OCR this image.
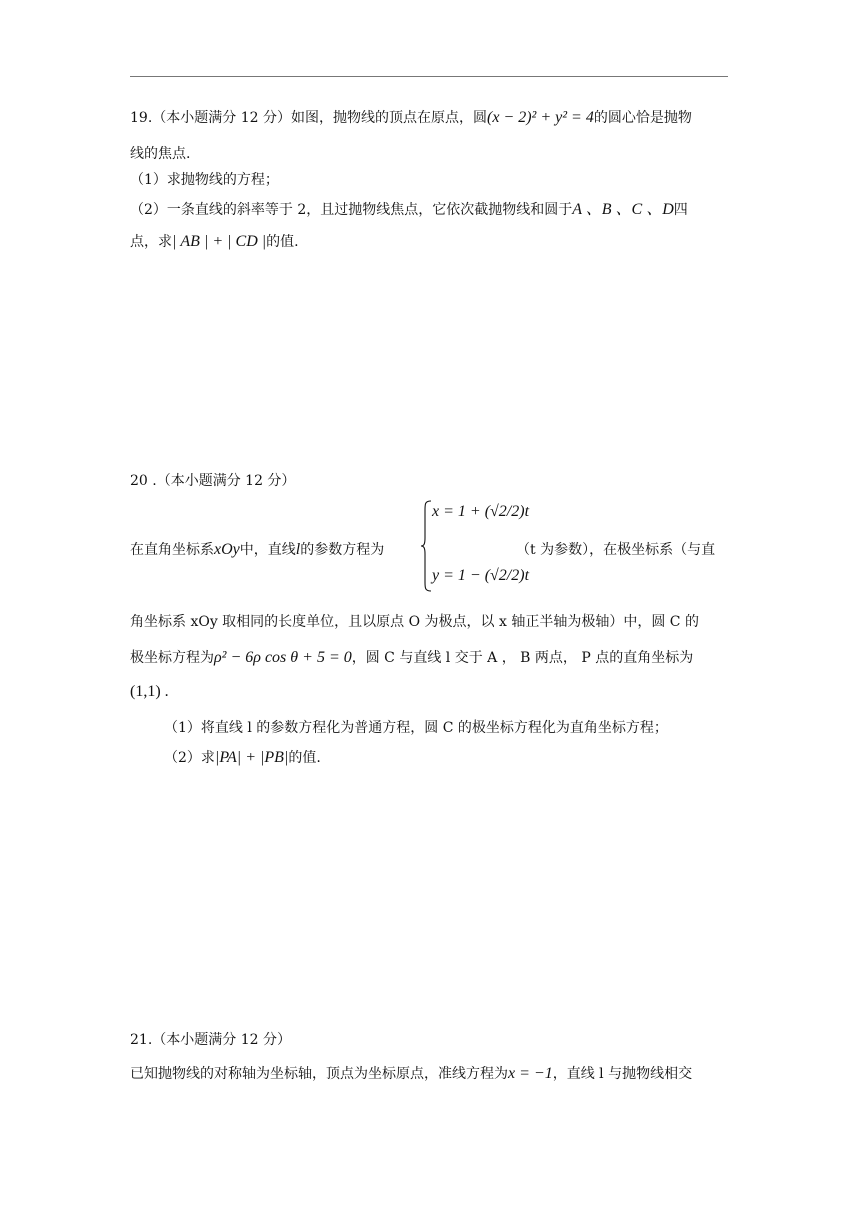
19.（本小题满分 12 分）如图，抛物线的顶点在原点，圆(x − 2)² + y² = 4的圆心恰是抛物
线的焦点.
（1）求抛物线的方程；
（2）一条直线的斜率等于 2，且过抛物线焦点，它依次截抛物线和圆于A 、B 、C 、D四
点，求| AB | + | CD |的值.
20 .（本小题满分 12 分）
在直角坐标系xOy中，直线l的参数方程为
x = 1 + (√2/2)t
y = 1 − (√2/2)t
（t 为参数），在极坐标系（与直
角坐标系 xOy 取相同的长度单位，且以原点 O 为极点，以 x 轴正半轴为极轴）中，圆 C 的
极坐标方程为ρ² − 6ρ cos θ + 5 = 0，圆 C 与直线 l 交于 A ， B 两点， P 点的直角坐标为
(1,1) .
（1）将直线 l 的参数方程化为普通方程，圆 C 的极坐标方程化为直角坐标方程；
（2）求|PA| + |PB|的值.
21.（本小题满分 12 分）
已知抛物线的对称轴为坐标轴，顶点为坐标原点，准线方程为x = −1，直线 l 与抛物线相交
